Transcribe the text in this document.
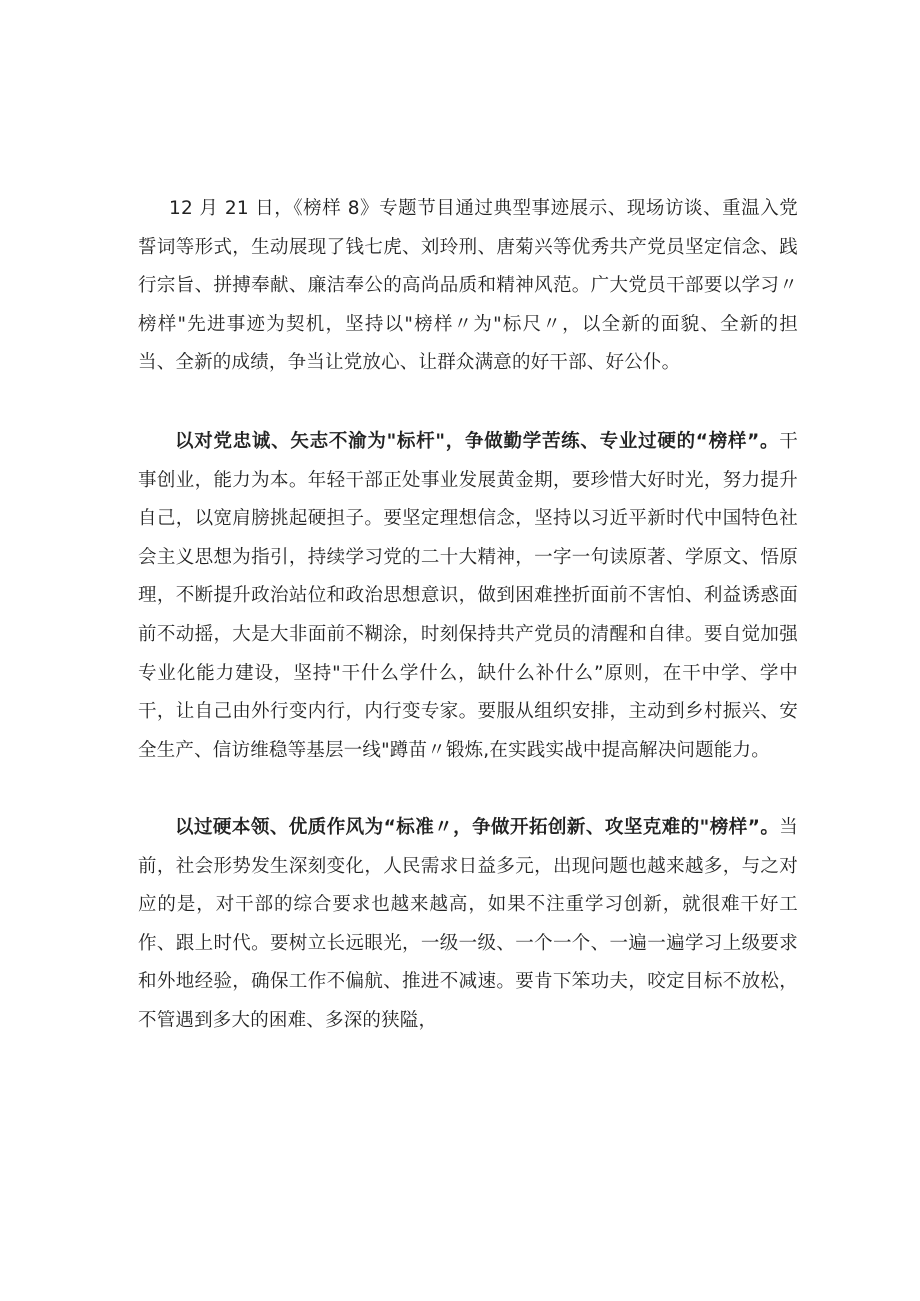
12 月 21 日，《榜样 8》专题节目通过典型事迹展示、现场访谈、重温入党誓词等形式，生动展现了钱七虎、刘玲刑、唐菊兴等优秀共产党员坚定信念、践行宗旨、拼搏奉献、廉洁奉公的高尚品质和精神风范。广大党员干部要以学习〃榜样"先进事迹为契机，坚持以"榜样〃为"标尺〃，以全新的面貌、全新的担当、全新的成绩，争当让党放心、让群众满意的好干部、好公仆。

以对党忠诚、矢志不渝为"标杆"，争做勤学苦练、专业过硬的“榜样”。干事创业，能力为本。年轻干部正处事业发展黄金期，要珍惜大好时光，努力提升自己，以宽肩膀挑起硬担子。要坚定理想信念，坚持以习近平新时代中国特色社会主义思想为指引，持续学习党的二十大精神，一字一句读原著、学原文、悟原理，不断提升政治站位和政治思想意识，做到困难挫折面前不害怕、利益诱惑面前不动摇，大是大非面前不糊涂，时刻保持共产党员的清醒和自律。要自觉加强专业化能力建设，坚持"干什么学什么，缺什么补什么”原则，在干中学、学中干，让自己由外行变内行，内行变专家。要服从组织安排，主动到乡村振兴、安全生产、信访维稳等基层一线"蹲苗〃锻炼,在实践实战中提高解决问题能力。

以过硬本领、优质作风为“标准〃，争做开拓创新、攻坚克难的"榜样”。当前，社会形势发生深刻变化，人民需求日益多元，出现问题也越来越多，与之对应的是，对干部的综合要求也越来越高，如果不注重学习创新，就很难干好工作、跟上时代。要树立长远眼光，一级一级、一个一个、一遍一遍学习上级要求和外地经验，确保工作不偏航、推进不减速。要肯下笨功夫，咬定目标不放松，不管遇到多大的困难、多深的狭隘，
